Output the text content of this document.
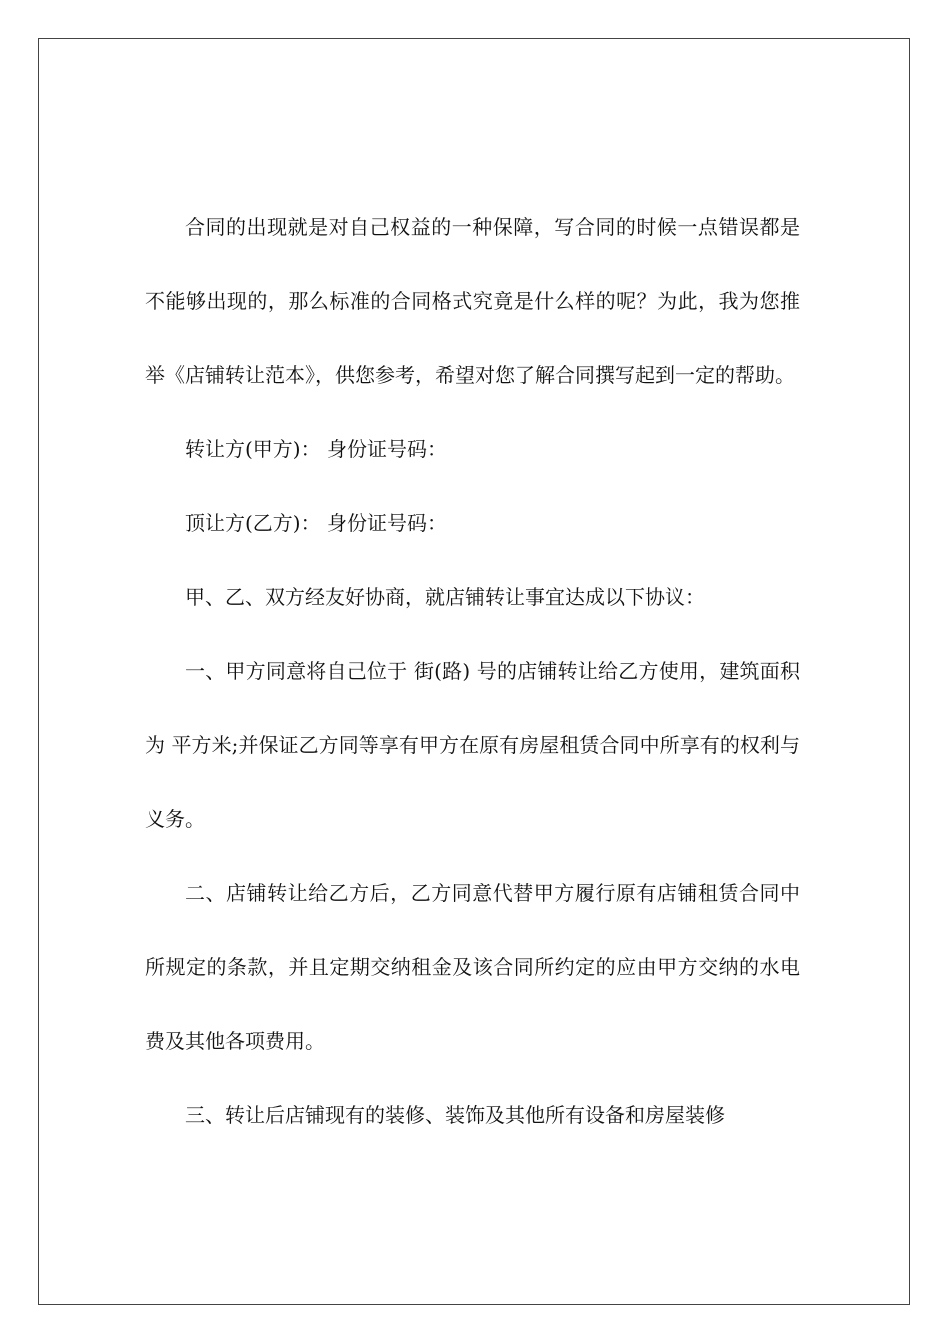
合同的出现就是对自己权益的一种保障，写合同的时候一点错误都是不能够出现的，那么标准的合同格式究竟是什么样的呢？为此，我为您推举《店铺转让范本》，供您参考，希望对您了解合同撰写起到一定的帮助。

转让方(甲方)： 身份证号码：

顶让方(乙方)： 身份证号码：

甲、乙、双方经友好协商，就店铺转让事宜达成以下协议：

一、甲方同意将自己位于 街(路) 号的店铺转让给乙方使用，建筑面积为 平方米;并保证乙方同等享有甲方在原有房屋租赁合同中所享有的权利与义务。

二、店铺转让给乙方后，乙方同意代替甲方履行原有店铺租赁合同中所规定的条款，并且定期交纳租金及该合同所约定的应由甲方交纳的水电费及其他各项费用。

三、转让后店铺现有的装修、装饰及其他所有设备和房屋装修
